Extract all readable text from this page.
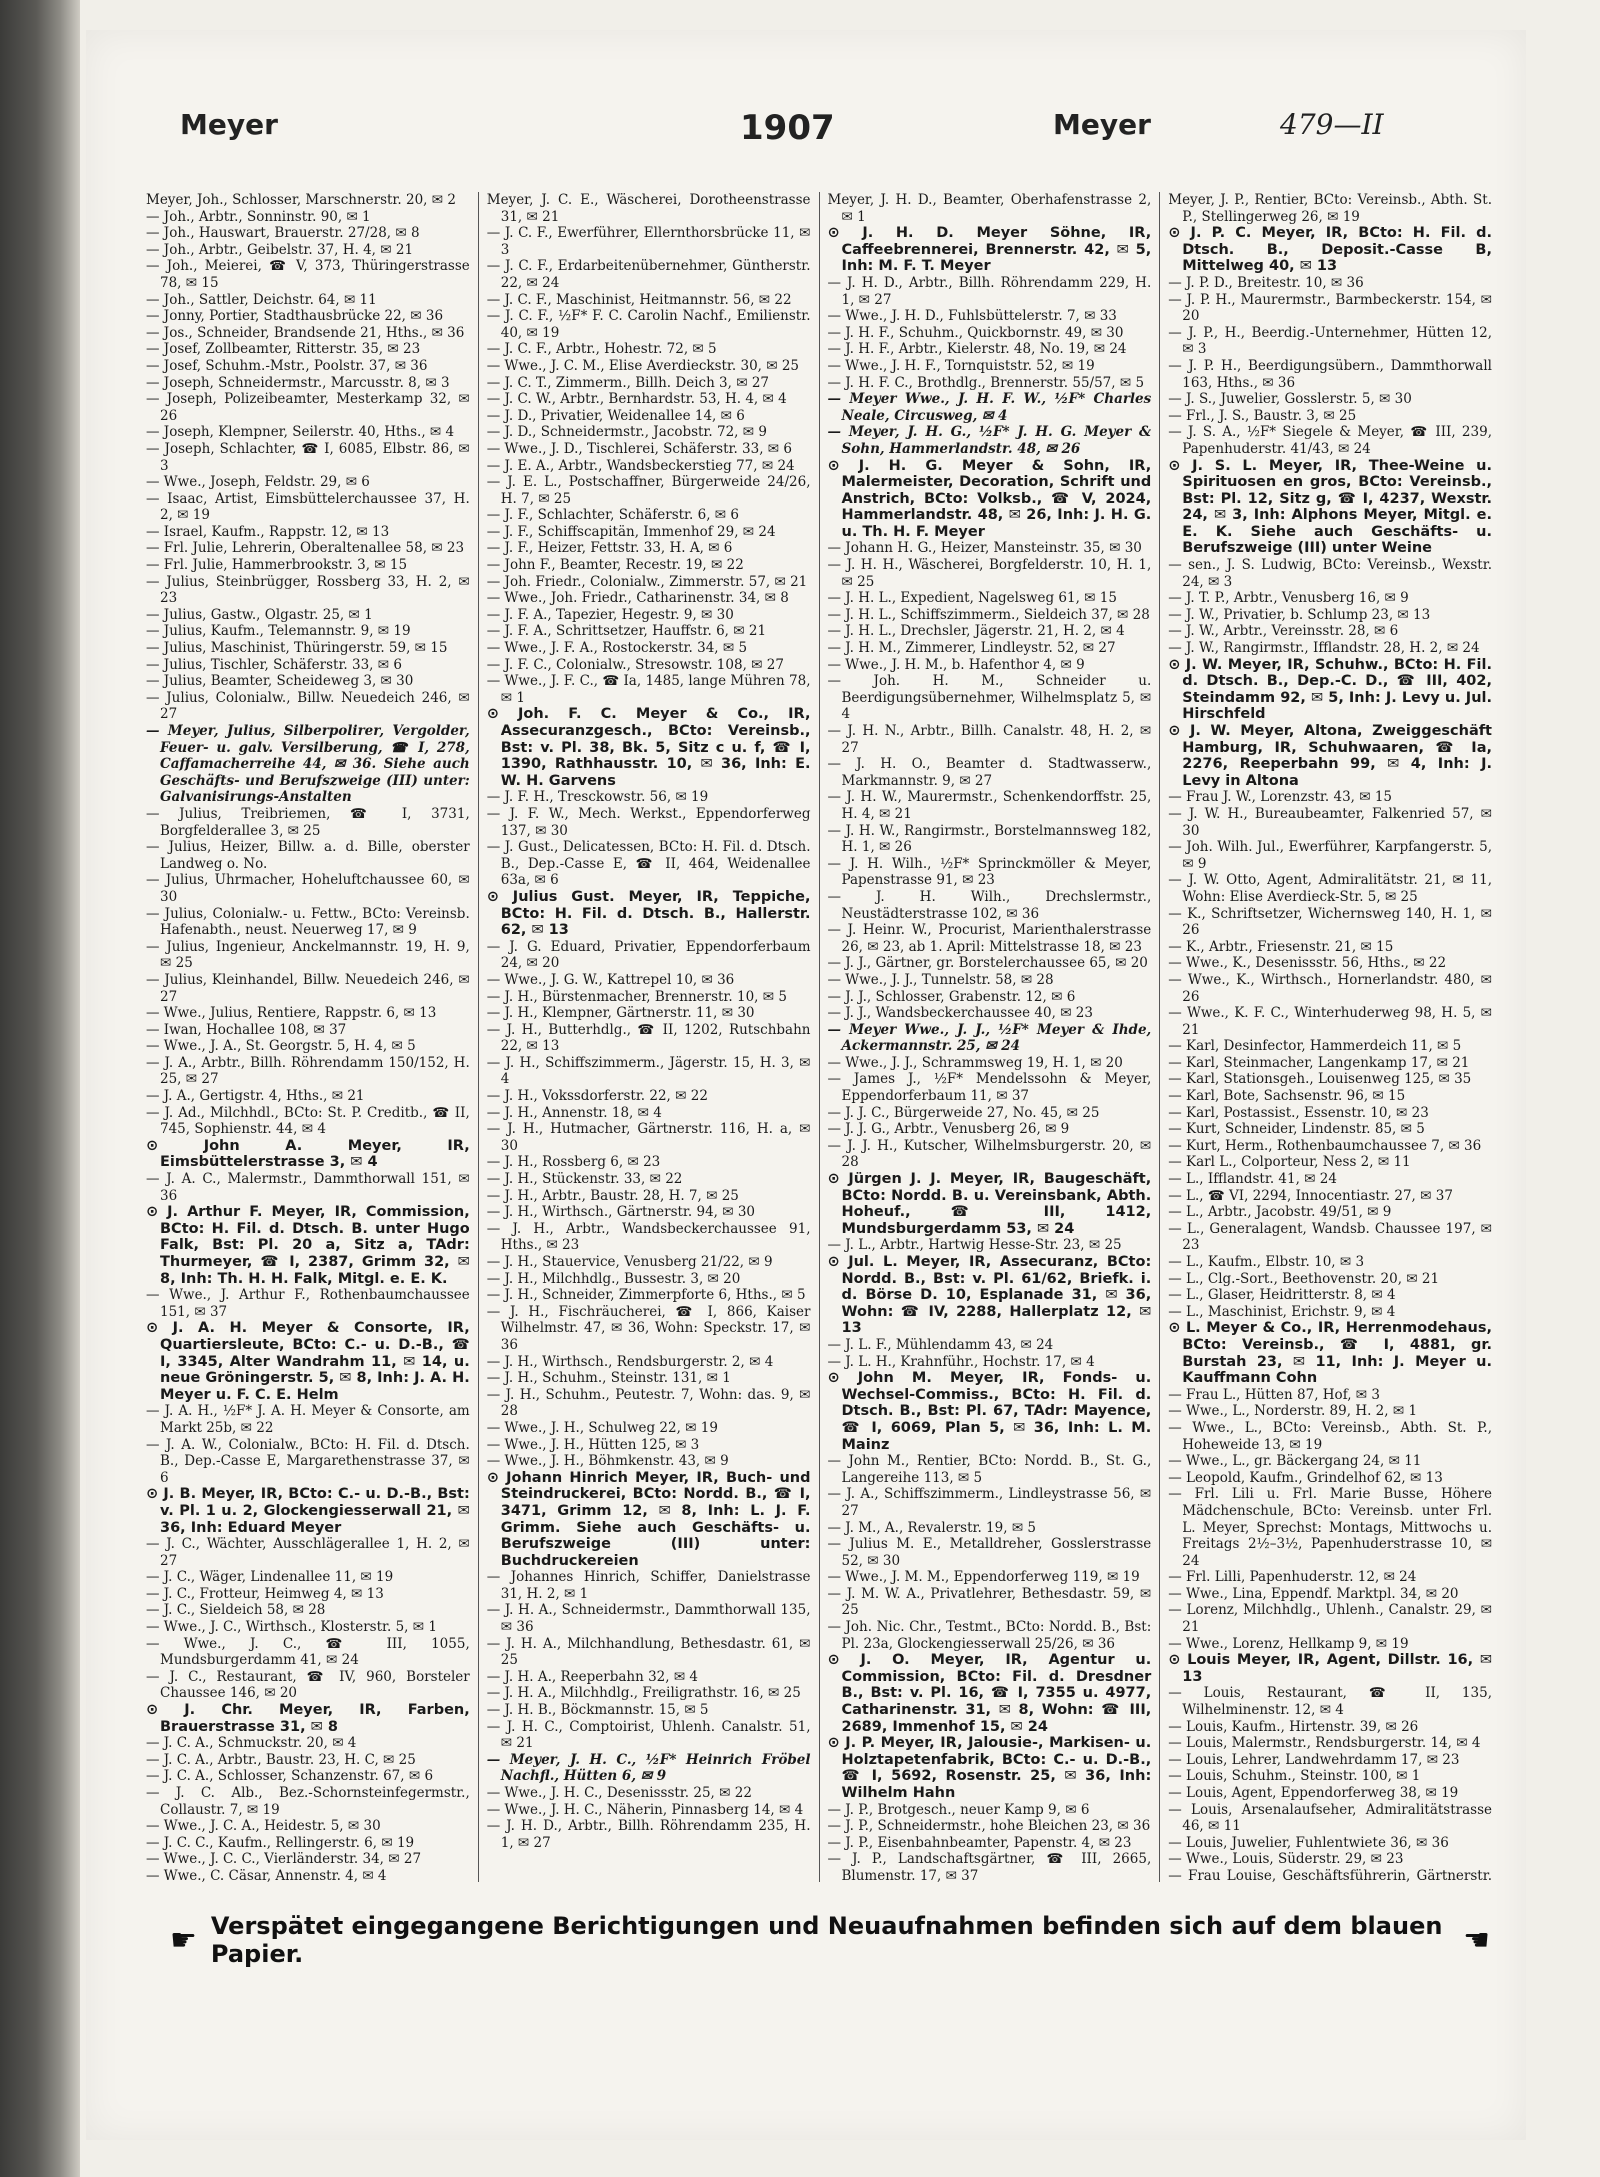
Meyer	1907	Meyer	479—II

Meyer, Joh., Schlosser, Marschnerstr. 20, ✉ 2

— Joh., Arbtr., Sonninstr. 90, ✉ 1

— Joh., Hauswart, Brauerstr. 27/28, ✉ 8

— Joh., Arbtr., Geibelstr. 37, H. 4, ✉ 21

— Joh., Meierei, ☎ V, 373, Thüringerstrasse 78, ✉ 15

— Joh., Sattler, Deichstr. 64, ✉ 11

— Jonny, Portier, Stadthausbrücke 22, ✉ 36

— Jos., Schneider, Brandsende 21, Hths., ✉ 36

— Josef, Zollbeamter, Ritterstr. 35, ✉ 23

— Josef, Schuhm.-Mstr., Poolstr. 37, ✉ 36

— Joseph, Schneidermstr., Marcusstr. 8, ✉ 3

— Joseph, Polizeibeamter, Mesterkamp 32, ✉ 26

— Joseph, Klempner, Seilerstr. 40, Hths., ✉ 4

— Joseph, Schlachter, ☎ I, 6085, Elbstr. 86, ✉ 3

— Wwe., Joseph, Feldstr. 29, ✉ 6

— Isaac, Artist, Eimsbüttelerchaussee 37, H. 2, ✉ 19

— Israel, Kaufm., Rappstr. 12, ✉ 13

— Frl. Julie, Lehrerin, Oberaltenallee 58, ✉ 23

— Frl. Julie, Hammerbrookstr. 3, ✉ 15

— Julius, Steinbrügger, Rossberg 33, H. 2, ✉ 23

— Julius, Gastw., Olgastr. 25, ✉ 1

— Julius, Kaufm., Telemannstr. 9, ✉ 19

— Julius, Maschinist, Thüringerstr. 59, ✉ 15

— Julius, Tischler, Schäferstr. 33, ✉ 6

— Julius, Beamter, Scheideweg 3, ✉ 30

— Julius, Colonialw., Billw. Neuedeich 246, ✉ 27

— Meyer, Julius, Silberpolirer, Vergolder, Feuer- u. galv. Versilberung, ☎ I, 278, Caffamacherreihe 44, ✉ 36. Siehe auch Geschäfts- und Berufszweige (III) unter: Galvanisirungs-Anstalten

— Julius, Treibriemen, ☎ I, 3731, Borgfelderallee 3, ✉ 25

— Julius, Heizer, Billw. a. d. Bille, oberster Landweg o. No.

— Julius, Uhrmacher, Hoheluftchaussee 60, ✉ 30

— Julius, Colonialw.- u. Fettw., BCto: Vereinsb. Hafenabth., neust. Neuerweg 17, ✉ 9

— Julius, Ingenieur, Anckelmannstr. 19, H. 9, ✉ 25

— Julius, Kleinhandel, Billw. Neuedeich 246, ✉ 27

— Wwe., Julius, Rentiere, Rappstr. 6, ✉ 13

— Iwan, Hochallee 108, ✉ 37

— Wwe., J. A., St. Georgstr. 5, H. 4, ✉ 5

— J. A., Arbtr., Billh. Röhrendamm 150/152, H. 25, ✉ 27

— J. A., Gertigstr. 4, Hths., ✉ 21

— J. Ad., Milchhdl., BCto: St. P. Creditb., ☎ II, 745, Sophienstr. 44, ✉ 4

⊙ John A. Meyer, IR, Eimsbüttelerstrasse 3, ✉ 4

— J. A. C., Malermstr., Dammthorwall 151, ✉ 36

⊙ J. Arthur F. Meyer, IR, Commission, BCto: H. Fil. d. Dtsch. B. unter Hugo Falk, Bst: Pl. 20 a, Sitz a, TAdr: Thurmeyer, ☎ I, 2387, Grimm 32, ✉ 8, Inh: Th. H. H. Falk, Mitgl. e. E. K.

— Wwe., J. Arthur F., Rothenbaumchaussee 151, ✉ 37

⊙ J. A. H. Meyer & Consorte, IR, Quartiersleute, BCto: C.- u. D.-B., ☎ I, 3345, Alter Wandrahm 11, ✉ 14, u. neue Gröningerstr. 5, ✉ 8, Inh: J. A. H. Meyer u. F. C. E. Helm

— J. A. H., ½F* J. A. H. Meyer & Consorte, am Markt 25b, ✉ 22

— J. A. W., Colonialw., BCto: H. Fil. d. Dtsch. B., Dep.-Casse E, Margarethenstrasse 37, ✉ 6

⊙ J. B. Meyer, IR, BCto: C.- u. D.-B., Bst: v. Pl. 1 u. 2, Glockengiesserwall 21, ✉ 36, Inh: Eduard Meyer

— J. C., Wächter, Ausschlägerallee 1, H. 2, ✉ 27

— J. C., Wäger, Lindenallee 11, ✉ 19

— J. C., Frotteur, Heimweg 4, ✉ 13

— J. C., Sieldeich 58, ✉ 28

— Wwe., J. C., Wirthsch., Klosterstr. 5, ✉ 1

— Wwe., J. C., ☎ III, 1055, Mundsburgerdamm 41, ✉ 24

— J. C., Restaurant, ☎ IV, 960, Borsteler Chaussee 146, ✉ 20

⊙ J. Chr. Meyer, IR, Farben, Brauerstrasse 31, ✉ 8

— J. C. A., Schmuckstr. 20, ✉ 4

— J. C. A., Arbtr., Baustr. 23, H. C, ✉ 25

— J. C. A., Schlosser, Schanzenstr. 67, ✉ 6

— J. C. Alb., Bez.-Schornsteinfegermstr., Collaustr. 7, ✉ 19

— Wwe., J. C. A., Heidestr. 5, ✉ 30

— J. C. C., Kaufm., Rellingerstr. 6, ✉ 19

— Wwe., J. C. C., Vierländerstr. 34, ✉ 27

— Wwe., C. Cäsar, Annenstr. 4, ✉ 4

Meyer, J. C. E., Wäscherei, Dorotheenstrasse 31, ✉ 21

— J. C. F., Ewerführer, Ellernthorsbrücke 11, ✉ 3

— J. C. F., Erdarbeitenübernehmer, Güntherstr. 22, ✉ 24

— J. C. F., Maschinist, Heitmannstr. 56, ✉ 22

— J. C. F., ½F* F. C. Carolin Nachf., Emilienstr. 40, ✉ 19

— J. C. F., Arbtr., Hohestr. 72, ✉ 5

— Wwe., J. C. M., Elise Averdieckstr. 30, ✉ 25

— J. C. T., Zimmerm., Billh. Deich 3, ✉ 27

— J. C. W., Arbtr., Bernhardstr. 53, H. 4, ✉ 4

— J. D., Privatier, Weidenallee 14, ✉ 6

— J. D., Schneidermstr., Jacobstr. 72, ✉ 9

— Wwe., J. D., Tischlerei, Schäferstr. 33, ✉ 6

— J. E. A., Arbtr., Wandsbeckerstieg 77, ✉ 24

— J. E. L., Postschaffner, Bürgerweide 24/26, H. 7, ✉ 25

— J. F., Schlachter, Schäferstr. 6, ✉ 6

— J. F., Schiffscapitän, Immenhof 29, ✉ 24

— J. F., Heizer, Fettstr. 33, H. A, ✉ 6

— John F., Beamter, Recestr. 19, ✉ 22

— Joh. Friedr., Colonialw., Zimmerstr. 57, ✉ 21

— Wwe., Joh. Friedr., Catharinenstr. 34, ✉ 8

— J. F. A., Tapezier, Hegestr. 9, ✉ 30

— J. F. A., Schrittsetzer, Hauffstr. 6, ✉ 21

— Wwe., J. F. A., Rostockerstr. 34, ✉ 5

— J. F. C., Colonialw., Stresowstr. 108, ✉ 27

— Wwe., J. F. C., ☎ Ia, 1485, lange Mühren 78, ✉ 1

⊙ Joh. F. C. Meyer & Co., IR, Assecuranzgesch., BCto: Vereinsb., Bst: v. Pl. 38, Bk. 5, Sitz c u. f, ☎ I, 1390, Rathhausstr. 10, ✉ 36, Inh: E. W. H. Garvens

— J. F. H., Tresckowstr. 56, ✉ 19

— J. F. W., Mech. Werkst., Eppendorferweg 137, ✉ 30

— J. Gust., Delicatessen, BCto: H. Fil. d. Dtsch. B., Dep.-Casse E, ☎ II, 464, Weidenallee 63a, ✉ 6

⊙ Julius Gust. Meyer, IR, Teppiche, BCto: H. Fil. d. Dtsch. B., Hallerstr. 62, ✉ 13

— J. G. Eduard, Privatier, Eppendorferbaum 24, ✉ 20

— Wwe., J. G. W., Kattrepel 10, ✉ 36

— J. H., Bürstenmacher, Brennerstr. 10, ✉ 5

— J. H., Klempner, Gärtnerstr. 11, ✉ 30

— J. H., Butterhdlg., ☎ II, 1202, Rutschbahn 22, ✉ 13

— J. H., Schiffszimmerm., Jägerstr. 15, H. 3, ✉ 4

— J. H., Vokssdorferstr. 22, ✉ 22

— J. H., Annenstr. 18, ✉ 4

— J. H., Hutmacher, Gärtnerstr. 116, H. a, ✉ 30

— J. H., Rossberg 6, ✉ 23

— J. H., Stückenstr. 33, ✉ 22

— J. H., Arbtr., Baustr. 28, H. 7, ✉ 25

— J. H., Wirthsch., Gärtnerstr. 94, ✉ 30

— J. H., Arbtr., Wandsbeckerchaussee 91, Hths., ✉ 23

— J. H., Stauervice, Venusberg 21/22, ✉ 9

— J. H., Milchhdlg., Bussestr. 3, ✉ 20

— J. H., Schneider, Zimmerpforte 6, Hths., ✉ 5

— J. H., Fischräucherei, ☎ I, 866, Kaiser Wilhelmstr. 47, ✉ 36, Wohn: Speckstr. 17, ✉ 36

— J. H., Wirthsch., Rendsburgerstr. 2, ✉ 4

— J. H., Schuhm., Steinstr. 131, ✉ 1

— J. H., Schuhm., Peutestr. 7, Wohn: das. 9, ✉ 28

— Wwe., J. H., Schulweg 22, ✉ 19

— Wwe., J. H., Hütten 125, ✉ 3

— Wwe., J. H., Böhmkenstr. 43, ✉ 9

⊙ Johann Hinrich Meyer, IR, Buch- und Steindruckerei, BCto: Nordd. B., ☎ I, 3471, Grimm 12, ✉ 8, Inh: L. J. F. Grimm. Siehe auch Geschäfts- u. Berufszweige (III) unter: Buchdruckereien

— Johannes Hinrich, Schiffer, Danielstrasse 31, H. 2, ✉ 1

— J. H. A., Schneidermstr., Dammthorwall 135, ✉ 36

— J. H. A., Milchhandlung, Bethesdastr. 61, ✉ 25

— J. H. A., Reeperbahn 32, ✉ 4

— J. H. A., Milchhdlg., Freiligrathstr. 16, ✉ 25

— J. H. B., Böckmannstr. 15, ✉ 5

— J. H. C., Comptoirist, Uhlenh. Canalstr. 51, ✉ 21

— Meyer, J. H. C., ½F* Heinrich Fröbel Nachfl., Hütten 6, ✉ 9

— Wwe., J. H. C., Desenissstr. 25, ✉ 22

— Wwe., J. H. C., Näherin, Pinnasberg 14, ✉ 4

— J. H. D., Arbtr., Billh. Röhrendamm 235, H. 1, ✉ 27

Meyer, J. H. D., Beamter, Oberhafenstrasse 2, ✉ 1

⊙ J. H. D. Meyer Söhne, IR, Caffeebrennerei, Brennerstr. 42, ✉ 5, Inh: M. F. T. Meyer

— J. H. D., Arbtr., Billh. Röhrendamm 229, H. 1, ✉ 27

— Wwe., J. H. D., Fuhlsbüttelerstr. 7, ✉ 33

— J. H. F., Schuhm., Quickbornstr. 49, ✉ 30

— J. H. F., Arbtr., Kielerstr. 48, No. 19, ✉ 24

— Wwe., J. H. F., Tornquiststr. 52, ✉ 19

— J. H. F. C., Brothdlg., Brennerstr. 55/57, ✉ 5

— Meyer Wwe., J. H. F. W., ½F* Charles Neale, Circusweg, ✉ 4

— Meyer, J. H. G., ½F* J. H. G. Meyer & Sohn, Hammerlandstr. 48, ✉ 26

⊙ J. H. G. Meyer & Sohn, IR, Malermeister, Decoration, Schrift und Anstrich, BCto: Volksb., ☎ V, 2024, Hammerlandstr. 48, ✉ 26, Inh: J. H. G. u. Th. H. F. Meyer

— Johann H. G., Heizer, Mansteinstr. 35, ✉ 30

— J. H. H., Wäscherei, Borgfelderstr. 10, H. 1, ✉ 25

— J. H. L., Expedient, Nagelsweg 61, ✉ 15

— J. H. L., Schiffszimmerm., Sieldeich 37, ✉ 28

— J. H. L., Drechsler, Jägerstr. 21, H. 2, ✉ 4

— J. H. M., Zimmerer, Lindleystr. 52, ✉ 27

— Wwe., J. H. M., b. Hafenthor 4, ✉ 9

— Joh. H. M., Schneider u. Beerdigungsübernehmer, Wilhelmsplatz 5, ✉ 4

— J. H. N., Arbtr., Billh. Canalstr. 48, H. 2, ✉ 27

— J. H. O., Beamter d. Stadtwasserw., Markmannstr. 9, ✉ 27

— J. H. W., Maurermstr., Schenkendorffstr. 25, H. 4, ✉ 21

— J. H. W., Rangirmstr., Borstelmannsweg 182, H. 1, ✉ 26

— J. H. Wilh., ½F* Sprinckmöller & Meyer, Papenstrasse 91, ✉ 23

— J. H. Wilh., Drechslermstr., Neustädterstrasse 102, ✉ 36

— J. Heinr. W., Procurist, Marienthalerstrasse 26, ✉ 23, ab 1. April: Mittelstrasse 18, ✉ 23

— J. J., Gärtner, gr. Borstelerchaussee 65, ✉ 20

— Wwe., J. J., Tunnelstr. 58, ✉ 28

— J. J., Schlosser, Grabenstr. 12, ✉ 6

— J. J., Wandsbeckerchaussee 40, ✉ 23

— Meyer Wwe., J. J., ½F* Meyer & Ihde, Ackermannstr. 25, ✉ 24

— Wwe., J. J., Schrammsweg 19, H. 1, ✉ 20

— James J., ½F* Mendelssohn & Meyer, Eppendorferbaum 11, ✉ 37

— J. J. C., Bürgerweide 27, No. 45, ✉ 25

— J. J. G., Arbtr., Venusberg 26, ✉ 9

— J. J. H., Kutscher, Wilhelmsburgerstr. 20, ✉ 28

⊙ Jürgen J. J. Meyer, IR, Baugeschäft, BCto: Nordd. B. u. Vereinsbank, Abth. Hoheuf., ☎ III, 1412, Mundsburgerdamm 53, ✉ 24

— J. L., Arbtr., Hartwig Hesse-Str. 23, ✉ 25

⊙ Jul. L. Meyer, IR, Assecuranz, BCto: Nordd. B., Bst: v. Pl. 61/62, Briefk. i. d. Börse D. 10, Esplanade 31, ✉ 36, Wohn: ☎ IV, 2288, Hallerplatz 12, ✉ 13

— J. L. F., Mühlendamm 43, ✉ 24

— J. L. H., Krahnführ., Hochstr. 17, ✉ 4

⊙ John M. Meyer, IR, Fonds- u. Wechsel-Commiss., BCto: H. Fil. d. Dtsch. B., Bst: Pl. 67, TAdr: Mayence, ☎ I, 6069, Plan 5, ✉ 36, Inh: L. M. Mainz

— John M., Rentier, BCto: Nordd. B., St. G., Langereihe 113, ✉ 5

— J. A., Schiffszimmerm., Lindleystrasse 56, ✉ 27

— J. M., A., Revalerstr. 19, ✉ 5

— Julius M. E., Metalldreher, Gosslerstrasse 52, ✉ 30

— Wwe., J. M. M., Eppendorferweg 119, ✉ 19

— J. M. W. A., Privatlehrer, Bethesdastr. 59, ✉ 25

— Joh. Nic. Chr., Testmt., BCto: Nordd. B., Bst: Pl. 23a, Glockengiesserwall 25/26, ✉ 36

⊙ J. O. Meyer, IR, Agentur u. Commission, BCto: Fil. d. Dresdner B., Bst: v. Pl. 16, ☎ I, 7355 u. 4977, Catharinenstr. 31, ✉ 8, Wohn: ☎ III, 2689, Immenhof 15, ✉ 24

⊙ J. P. Meyer, IR, Jalousie-, Markisen- u. Holztapetenfabrik, BCto: C.- u. D.-B., ☎ I, 5692, Rosenstr. 25, ✉ 36, Inh: Wilhelm Hahn

— J. P., Brotgesch., neuer Kamp 9, ✉ 6

— J. P., Schneidermstr., hohe Bleichen 23, ✉ 36

— J. P., Eisenbahnbeamter, Papenstr. 4, ✉ 23

— J. P., Landschaftsgärtner, ☎ III, 2665, Blumenstr. 17, ✉ 37

Meyer, J. P., Rentier, BCto: Vereinsb., Abth. St. P., Stellingerweg 26, ✉ 19

⊙ J. P. C. Meyer, IR, BCto: H. Fil. d. Dtsch. B., Deposit.-Casse B, Mittelweg 40, ✉ 13

— J. P. D., Breitestr. 10, ✉ 36

— J. P. H., Maurermstr., Barmbeckerstr. 154, ✉ 20

— J. P., H., Beerdig.-Unternehmer, Hütten 12, ✉ 3

— J. P. H., Beerdigungsübern., Dammthorwall 163, Hths., ✉ 36

— J. S., Juwelier, Gosslerstr. 5, ✉ 30

— Frl., J. S., Baustr. 3, ✉ 25

— J. S. A., ½F* Siegele & Meyer, ☎ III, 239, Papenhuderstr. 41/43, ✉ 24

⊙ J. S. L. Meyer, IR, Thee-Weine u. Spirituosen en gros, BCto: Vereinsb., Bst: Pl. 12, Sitz g, ☎ I, 4237, Wexstr. 24, ✉ 3, Inh: Alphons Meyer, Mitgl. e. E. K. Siehe auch Geschäfts- u. Berufszweige (III) unter Weine

— sen., J. S. Ludwig, BCto: Vereinsb., Wexstr. 24, ✉ 3

— J. T. P., Arbtr., Venusberg 16, ✉ 9

— J. W., Privatier, b. Schlump 23, ✉ 13

— J. W., Arbtr., Vereinsstr. 28, ✉ 6

— J. W., Rangirmstr., Ifflandstr. 28, H. 2, ✉ 24

⊙ J. W. Meyer, IR, Schuhw., BCto: H. Fil. d. Dtsch. B., Dep.-C. D., ☎ III, 402, Steindamm 92, ✉ 5, Inh: J. Levy u. Jul. Hirschfeld

⊙ J. W. Meyer, Altona, Zweiggeschäft Hamburg, IR, Schuhwaaren, ☎ Ia, 2276, Reeperbahn 99, ✉ 4, Inh: J. Levy in Altona

— Frau J. W., Lorenzstr. 43, ✉ 15

— J. W. H., Bureaubeamter, Falkenried 57, ✉ 30

— Joh. Wilh. Jul., Ewerführer, Karpfangerstr. 5, ✉ 9

— J. W. Otto, Agent, Admiralitätstr. 21, ✉ 11, Wohn: Elise Averdieck-Str. 5, ✉ 25

— K., Schriftsetzer, Wichernsweg 140, H. 1, ✉ 26

— K., Arbtr., Friesenstr. 21, ✉ 15

— Wwe., K., Desenissstr. 56, Hths., ✉ 22

— Wwe., K., Wirthsch., Hornerlandstr. 480, ✉ 26

— Wwe., K. F. C., Winterhuderweg 98, H. 5, ✉ 21

— Karl, Desinfector, Hammerdeich 11, ✉ 5

— Karl, Steinmacher, Langenkamp 17, ✉ 21

— Karl, Stationsgeh., Louisenweg 125, ✉ 35

— Karl, Bote, Sachsenstr. 96, ✉ 15

— Karl, Postassist., Essenstr. 10, ✉ 23

— Kurt, Schneider, Lindenstr. 85, ✉ 5

— Kurt, Herm., Rothenbaumchaussee 7, ✉ 36

— Karl L., Colporteur, Ness 2, ✉ 11

— L., Ifflandstr. 41, ✉ 24

— L., ☎ VI, 2294, Innocentiastr. 27, ✉ 37

— L., Arbtr., Jacobstr. 49/51, ✉ 9

— L., Generalagent, Wandsb. Chaussee 197, ✉ 23

— L., Kaufm., Elbstr. 10, ✉ 3

— L., Clg.-Sort., Beethovenstr. 20, ✉ 21

— L., Glaser, Heidritterstr. 8, ✉ 4

— L., Maschinist, Erichstr. 9, ✉ 4

⊙ L. Meyer & Co., IR, Herrenmodehaus, BCto: Vereinsb., ☎ I, 4881, gr. Burstah 23, ✉ 11, Inh: J. Meyer u. Kauffmann Cohn

— Frau L., Hütten 87, Hof, ✉ 3

— Wwe., L., Norderstr. 89, H. 2, ✉ 1

— Wwe., L., BCto: Vereinsb., Abth. St. P., Hoheweide 13, ✉ 19

— Wwe., L., gr. Bäckergang 24, ✉ 11

— Leopold, Kaufm., Grindelhof 62, ✉ 13

— Frl. Lili u. Frl. Marie Busse, Höhere Mädchenschule, BCto: Vereinsb. unter Frl. L. Meyer, Sprechst: Montags, Mittwochs u. Freitags 2½–3½, Papenhuderstrasse 10, ✉ 24

— Frl. Lilli, Papenhuderstr. 12, ✉ 24

— Wwe., Lina, Eppendf. Marktpl. 34, ✉ 20

— Lorenz, Milchhdlg., Uhlenh., Canalstr. 29, ✉ 21

— Wwe., Lorenz, Hellkamp 9, ✉ 19

⊙ Louis Meyer, IR, Agent, Dillstr. 16, ✉ 13

— Louis, Restaurant, ☎ II, 135, Wilhelminenstr. 12, ✉ 4

— Louis, Kaufm., Hirtenstr. 39, ✉ 26

— Louis, Malermstr., Rendsburgerstr. 14, ✉ 4

— Louis, Lehrer, Landwehrdamm 17, ✉ 23

— Louis, Schuhm., Steinstr. 100, ✉ 1

— Louis, Agent, Eppendorferweg 38, ✉ 19

— Louis, Arsenalaufseher, Admiralitätstrasse 46, ✉ 11

— Louis, Juwelier, Fuhlentwiete 36, ✉ 36

— Wwe., Louis, Süderstr. 29, ✉ 23

— Frau Louise, Geschäftsführerin, Gärtnerstr.

☛ Verspätet eingegangene Berichtigungen und Neuaufnahmen befinden sich auf dem blauen Papier.	☚
